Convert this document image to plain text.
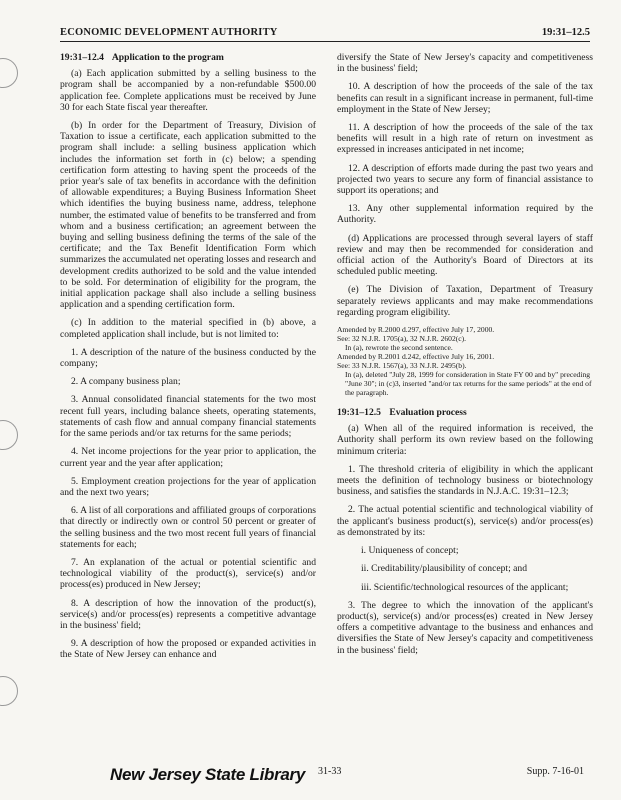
ECONOMIC DEVELOPMENT AUTHORITY	19:31–12.5
19:31–12.4 Application to the program

(a) Each application submitted by a selling business to the program shall be accompanied by a non-refundable $500.00 application fee. Complete applications must be received by June 30 for each State fiscal year thereafter.

(b) In order for the Department of Treasury, Division of Taxation to issue a certificate, each application submitted to the program shall include: a selling business application which includes the information set forth in (c) below; a spending certification form attesting to having spent the proceeds of the prior year's sale of tax benefits in accordance with the definition of allowable expenditures; a Buying Business Information Sheet which identifies the buying business name, address, telephone number, the estimated value of benefits to be transferred and from whom and a business certification; an agreement between the buying and selling business defining the terms of the sale of the certificate; and the Tax Benefit Identification Form which summarizes the accumulated net operating losses and research and development credits authorized to be sold and the value intended to be sold. For determination of eligibility for the program, the initial application package shall also include a selling business application and a spending certification form.

(c) In addition to the material specified in (b) above, a completed application shall include, but is not limited to:

1. A description of the nature of the business conducted by the company;

2. A company business plan;

3. Annual consolidated financial statements for the two most recent full years, including balance sheets, operating statements, statements of cash flow and annual company financial statements for the same periods and/or tax returns for the same periods;

4. Net income projections for the year prior to application, the current year and the year after application;

5. Employment creation projections for the year of application and the next two years;

6. A list of all corporations and affiliated groups of corporations that directly or indirectly own or control 50 percent or greater of the selling business and the two most recent full years of financial statements for each;

7. An explanation of the actual or potential scientific and technological viability of the product(s), service(s) and/or process(es) produced in New Jersey;

8. A description of how the innovation of the product(s), service(s) and/or process(es) represents a competitive advantage in the business' field;

9. A description of how the proposed or expanded activities in the State of New Jersey can enhance and

diversify the State of New Jersey's capacity and competitiveness in the business' field;

10. A description of how the proceeds of the sale of the tax benefits can result in a significant increase in permanent, full-time employment in the State of New Jersey;

11. A description of how the proceeds of the sale of the tax benefits will result in a high rate of return on investment as expressed in increases anticipated in net income;

12. A description of efforts made during the past two years and projected two years to secure any form of financial assistance to support its operations; and

13. Any other supplemental information required by the Authority.

(d) Applications are processed through several layers of staff review and may then be recommended for consideration and official action of the Authority's Board of Directors at its scheduled public meeting.

(e) The Division of Taxation, Department of Treasury separately reviews applicants and may make recommendations regarding program eligibility.

Amended by R.2000 d.297, effective July 17, 2000.
See: 32 N.J.R. 1705(a), 32 N.J.R. 2602(c).
In (a), rewrote the second sentence.
Amended by R.2001 d.242, effective July 16, 2001.
See: 33 N.J.R. 1567(a), 33 N.J.R. 2495(b).
In (a), deleted "July 28, 1999 for consideration in State FY 00 and by" preceding "June 30"; in (c)3, inserted "and/or tax returns for the same periods" at the end of the paragraph.
19:31–12.5 Evaluation process

(a) When all of the required information is received, the Authority shall perform its own review based on the following minimum criteria:

1. The threshold criteria of eligibility in which the applicant meets the definition of technology business or biotechnology business, and satisfies the standards in N.J.A.C. 19:31–12.3;

2. The actual potential scientific and technological viability of the applicant's business product(s), service(s) and/or process(es) as demonstrated by its:

i. Uniqueness of concept;

ii. Creditability/plausibility of concept; and

iii. Scientific/technological resources of the applicant;

3. The degree to which the innovation of the applicant's product(s), service(s) and/or process(es) created in New Jersey offers a competitive advantage to the business and enhances and diversifies the State of New Jersey's capacity and competitiveness in the business' field;

New Jersey State Library 31-33	Supp. 7-16-01
